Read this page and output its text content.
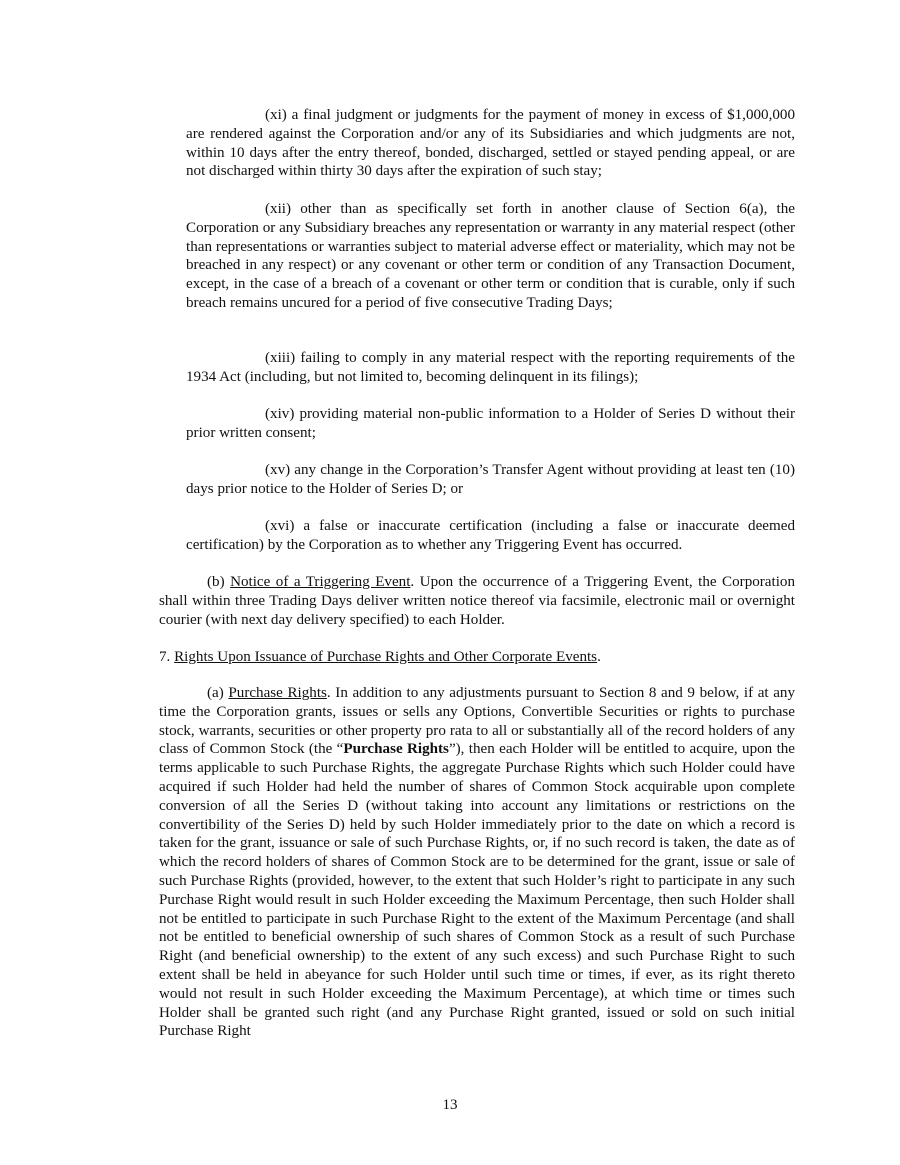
(xi) a final judgment or judgments for the payment of money in excess of $1,000,000 are rendered against the Corporation and/or any of its Subsidiaries and which judgments are not, within 10 days after the entry thereof, bonded, discharged, settled or stayed pending appeal, or are not discharged within thirty 30 days after the expiration of such stay;

(xii) other than as specifically set forth in another clause of Section 6(a), the Corporation or any Subsidiary breaches any representation or warranty in any material respect (other than representations or warranties subject to material adverse effect or materiality, which may not be breached in any respect) or any covenant or other term or condition of any Transaction Document, except, in the case of a breach of a covenant or other term or condition that is curable, only if such breach remains uncured for a period of five consecutive Trading Days;

(xiii) failing to comply in any material respect with the reporting requirements of the 1934 Act (including, but not limited to, becoming delinquent in its filings);

(xiv) providing material non-public information to a Holder of Series D without their prior written consent;

(xv) any change in the Corporation’s Transfer Agent without providing at least ten (10) days prior notice to the Holder of Series D; or

(xvi) a false or inaccurate certification (including a false or inaccurate deemed certification) by the Corporation as to whether any Triggering Event has occurred.

(b) Notice of a Triggering Event. Upon the occurrence of a Triggering Event, the Corporation shall within three Trading Days deliver written notice thereof via facsimile, electronic mail or overnight courier (with next day delivery specified) to each Holder.

7. Rights Upon Issuance of Purchase Rights and Other Corporate Events.

(a) Purchase Rights. In addition to any adjustments pursuant to Section 8 and 9 below, if at any time the Corporation grants, issues or sells any Options, Convertible Securities or rights to purchase stock, warrants, securities or other property pro rata to all or substantially all of the record holders of any class of Common Stock (the “Purchase Rights”), then each Holder will be entitled to acquire, upon the terms applicable to such Purchase Rights, the aggregate Purchase Rights which such Holder could have acquired if such Holder had held the number of shares of Common Stock acquirable upon complete conversion of all the Series D (without taking into account any limitations or restrictions on the convertibility of the Series D) held by such Holder immediately prior to the date on which a record is taken for the grant, issuance or sale of such Purchase Rights, or, if no such record is taken, the date as of which the record holders of shares of Common Stock are to be determined for the grant, issue or sale of such Purchase Rights (provided, however, to the extent that such Holder’s right to participate in any such Purchase Right would result in such Holder exceeding the Maximum Percentage, then such Holder shall not be entitled to participate in such Purchase Right to the extent of the Maximum Percentage (and shall not be entitled to beneficial ownership of such shares of Common Stock as a result of such Purchase Right (and beneficial ownership) to the extent of any such excess) and such Purchase Right to such extent shall be held in abeyance for such Holder until such time or times, if ever, as its right thereto would not result in such Holder exceeding the Maximum Percentage), at which time or times such Holder shall be granted such right (and any Purchase Right granted, issued or sold on such initial Purchase Right

13
